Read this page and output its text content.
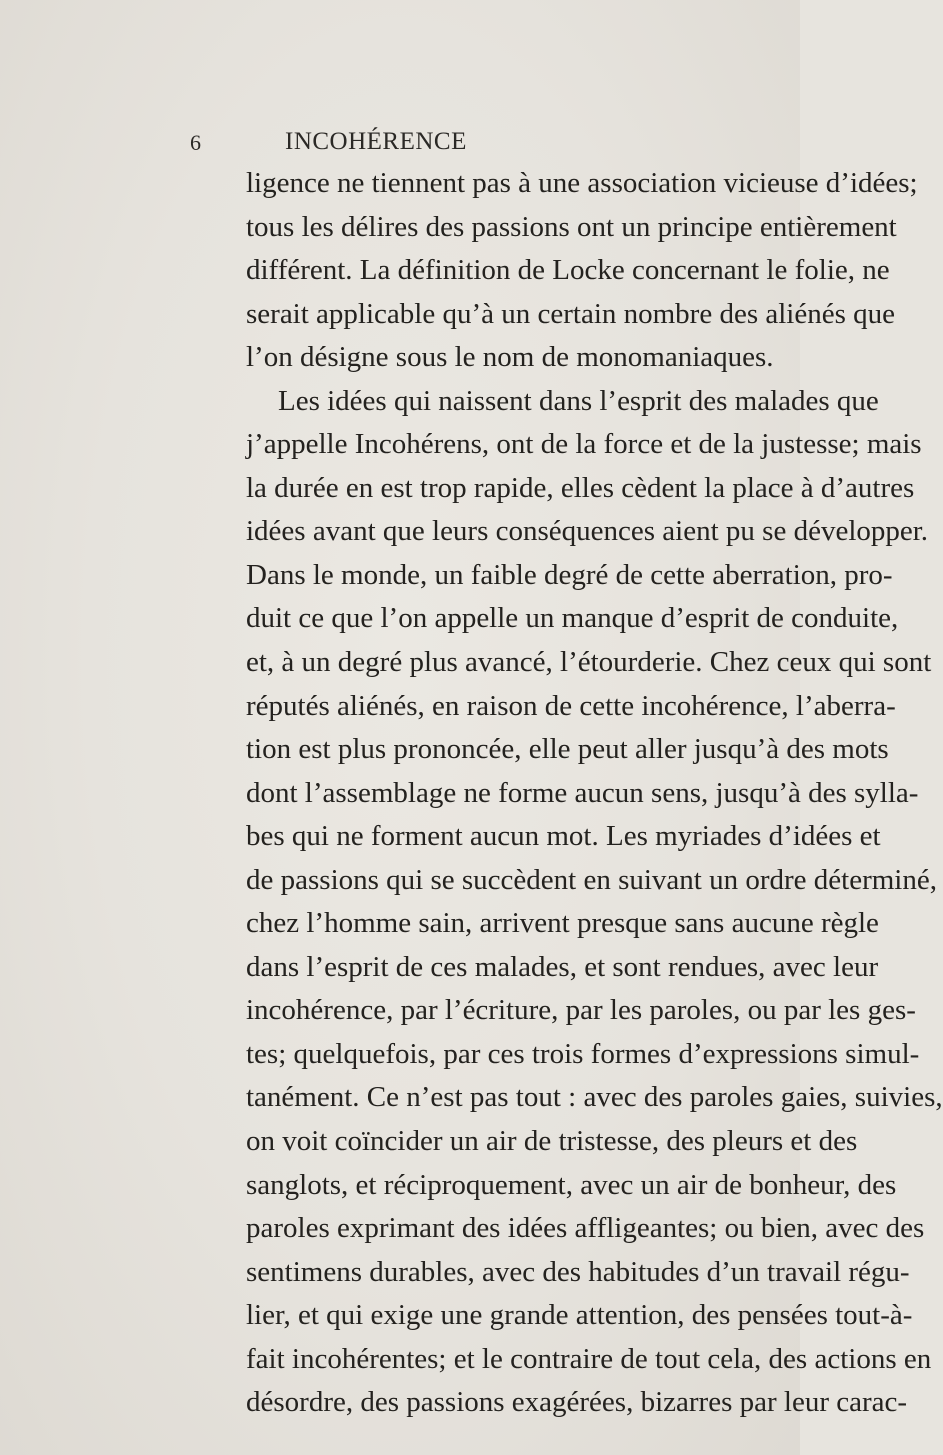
6	INCOHÉRENCE
ligence ne tiennent pas à une association vicieuse d’idées;
tous les délires des passions ont un principe entièrement
différent. La définition de Locke concernant le folie, ne
serait applicable qu’à un certain nombre des aliénés que
l’on désigne sous le nom de monomaniaques.
Les idées qui naissent dans l’esprit des malades que
j’appelle Incohérens, ont de la force et de la justesse; mais
la durée en est trop rapide, elles cèdent la place à d’autres
idées avant que leurs conséquences aient pu se développer.
Dans le monde, un faible degré de cette aberration, pro-
duit ce que l’on appelle un manque d’esprit de conduite,
et, à un degré plus avancé, l’étourderie. Chez ceux qui sont
réputés aliénés, en raison de cette incohérence, l’aberra-
tion est plus prononcée, elle peut aller jusqu’à des mots
dont l’assemblage ne forme aucun sens, jusqu’à des sylla-
bes qui ne forment aucun mot. Les myriades d’idées et
de passions qui se succèdent en suivant un ordre déterminé,
chez l’homme sain, arrivent presque sans aucune règle
dans l’esprit de ces malades, et sont rendues, avec leur
incohérence, par l’écriture, par les paroles, ou par les ges-
tes; quelquefois, par ces trois formes d’expressions simul-
tanément. Ce n’est pas tout : avec des paroles gaies, suivies,
on voit coïncider un air de tristesse, des pleurs et des
sanglots, et réciproquement, avec un air de bonheur, des
paroles exprimant des idées affligeantes; ou bien, avec des
sentimens durables, avec des habitudes d’un travail régu-
lier, et qui exige une grande attention, des pensées tout-à-
fait incohérentes; et le contraire de tout cela, des actions en
désordre, des passions exagérées, bizarres par leur carac-
